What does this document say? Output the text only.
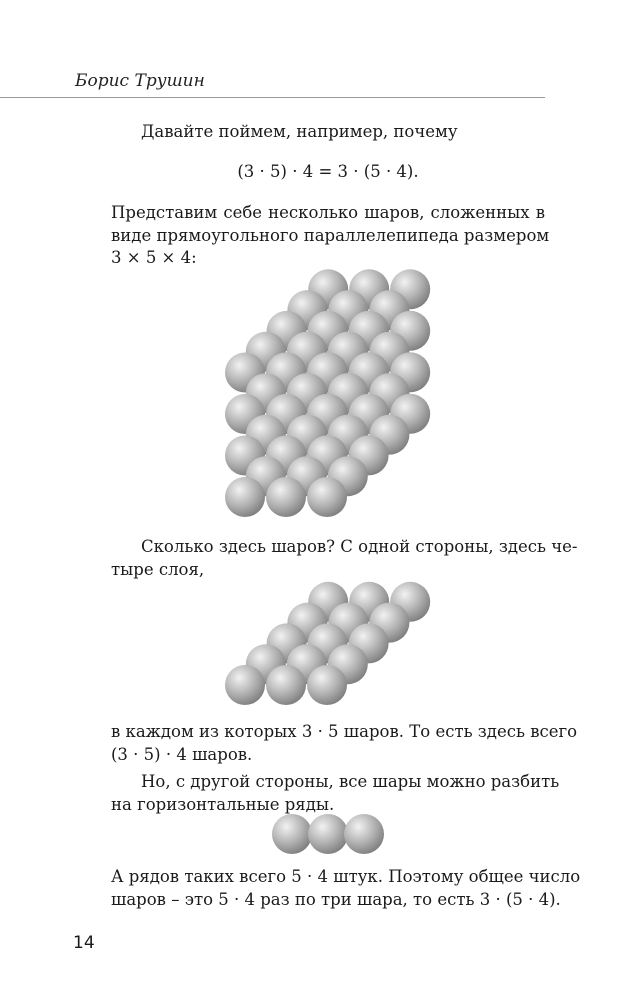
Борис Трушин
Давайте поймем, например, почему
(3 · 5) · 4 = 3 · (5 · 4).
Представим себе несколько шаров, сложенных в
виде прямоугольного параллелепипеда размером
3 × 5 × 4:
Сколько здесь шаров? С одной стороны, здесь че-
тыре слоя,
в каждом из которых 3 · 5 шаров. То есть здесь всего
(3 · 5) · 4 шаров.
Но, с другой стороны, все шары можно разбить
на горизонтальные ряды.
А рядов таких всего 5 · 4 штук. Поэтому общее число
шаров – это 5 · 4 раз по три шара, то есть 3 · (5 · 4).
14
